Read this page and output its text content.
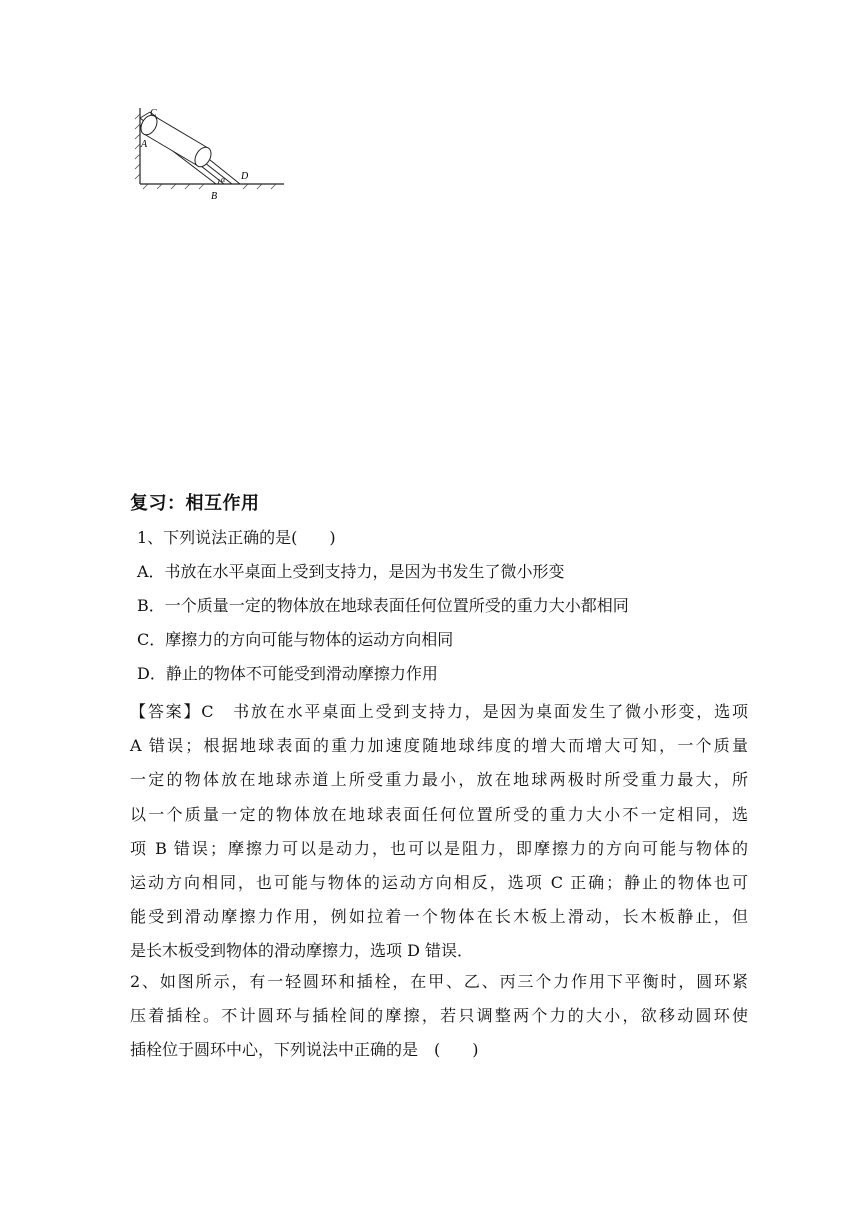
C
A
D
B
α
复习：相互作用
1、下列说法正确的是(　　)
A．书放在水平桌面上受到支持力，是因为书发生了微小形变
B．一个质量一定的物体放在地球表面任何位置所受的重力大小都相同
C．摩擦力的方向可能与物体的运动方向相同
D．静止的物体不可能受到滑动摩擦力作用
【答案】C　书放在水平桌面上受到支持力，是因为桌面发生了微小形变，选项
A 错误；根据地球表面的重力加速度随地球纬度的增大而增大可知，一个质量
一定的物体放在地球赤道上所受重力最小，放在地球两极时所受重力最大，所
以一个质量一定的物体放在地球表面任何位置所受的重力大小不一定相同，选
项 B 错误；摩擦力可以是动力，也可以是阻力，即摩擦力的方向可能与物体的
运动方向相同，也可能与物体的运动方向相反，选项 C 正确；静止的物体也可
能受到滑动摩擦力作用，例如拉着一个物体在长木板上滑动，长木板静止，但
是长木板受到物体的滑动摩擦力，选项 D 错误．
2、如图所示，有一轻圆环和插栓，在甲、乙、丙三个力作用下平衡时，圆环紧
压着插栓。不计圆环与插栓间的摩擦，若只调整两个力的大小，欲移动圆环使
插栓位于圆环中心，下列说法中正确的是　(　　)
